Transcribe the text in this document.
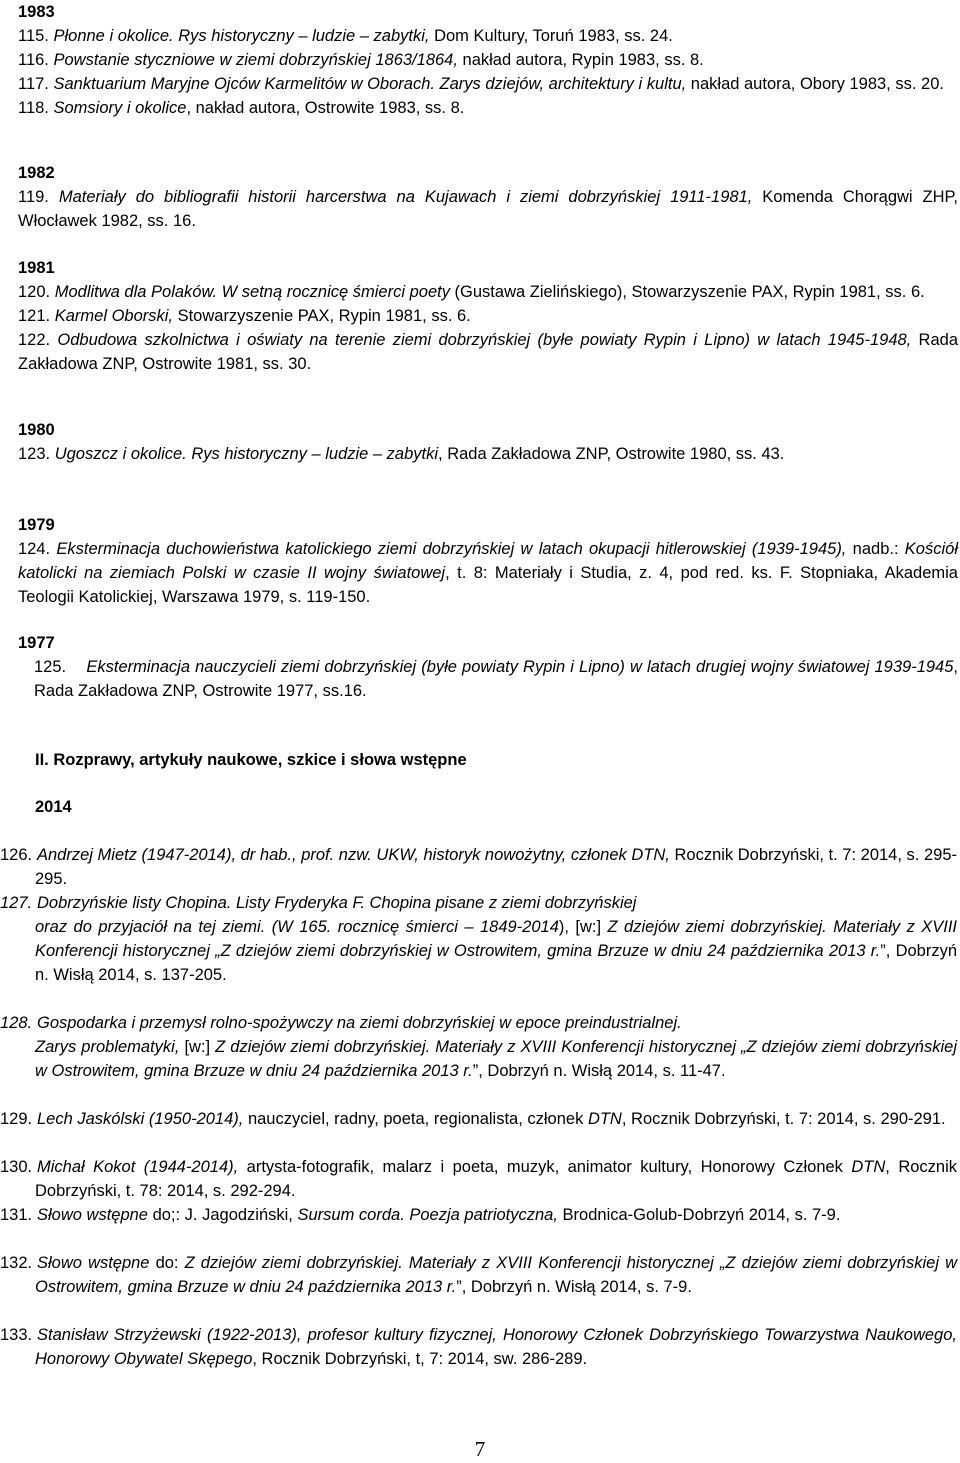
1983
115. Płonne i okolice. Rys historyczny – ludzie – zabytki, Dom Kultury, Toruń 1983, ss. 24.
116. Powstanie styczniowe w ziemi dobrzyńskiej 1863/1864, nakład autora, Rypin 1983, ss. 8.
117. Sanktuarium Maryjne Ojców Karmelitów w Oborach. Zarys dziejów, architektury i kultu, nakład autora, Obory 1983, ss. 20.
118. Somsiory i okolice, nakład autora, Ostrowite 1983, ss. 8.
1982
119. Materiały do bibliografii historii harcerstwa na Kujawach i ziemi dobrzyńskiej 1911-1981, Komenda Chorągwi ZHP, Włocławek 1982, ss. 16.
1981
120. Modlitwa dla Polaków. W setną rocznicę śmierci poety (Gustawa Zielińskiego), Stowarzyszenie PAX, Rypin 1981, ss. 6.
121. Karmel Oborski, Stowarzyszenie PAX, Rypin 1981, ss. 6.
122. Odbudowa szkolnictwa i oświaty na terenie ziemi dobrzyńskiej (byłe powiaty Rypin i Lipno) w latach 1945-1948, Rada Zakładowa ZNP, Ostrowite 1981, ss. 30.
1980
123. Ugoszcz i okolice. Rys historyczny – ludzie – zabytki, Rada Zakładowa ZNP, Ostrowite 1980, ss. 43.
1979
124. Eksterminacja duchowieństwa katolickiego ziemi dobrzyńskiej w latach okupacji hitlerowskiej (1939-1945), nadb.: Kościół katolicki na ziemiach Polski w czasie II wojny światowej, t. 8: Materiały i Studia, z. 4, pod red. ks. F. Stopniaka, Akademia Teologii Katolickiej, Warszawa 1979, s. 119-150.
1977
125. Eksterminacja nauczycieli ziemi dobrzyńskiej (byłe powiaty Rypin i Lipno) w latach drugiej wojny światowej 1939-1945, Rada Zakładowa ZNP, Ostrowite 1977, ss.16.
II. Rozprawy, artykuły naukowe, szkice i słowa wstępne
2014
126. Andrzej Mietz (1947-2014), dr hab., prof. nzw. UKW, historyk nowożytny, członek DTN, Rocznik Dobrzyński, t. 7: 2014, s. 295-295.
127. Dobrzyńskie listy Chopina. Listy Fryderyka F. Chopina pisane z ziemi dobrzyńskiej
oraz do przyjaciół na tej ziemi. (W 165. rocznicę śmierci – 1849-2014), [w:] Z dziejów ziemi dobrzyńskiej. Materiały z XVIII Konferencji historycznej „Z dziejów ziemi dobrzyńskiej w Ostrowitem, gmina Brzuze w dniu 24 października 2013 r.”, Dobrzyń n. Wisłą 2014, s. 137-205.
128. Gospodarka i przemysł rolno-spożywczy na ziemi dobrzyńskiej w epoce preindustrialnej.
Zarys problematyki, [w:] Z dziejów ziemi dobrzyńskiej. Materiały z XVIII Konferencji historycznej „Z dziejów ziemi dobrzyńskiej w Ostrowitem, gmina Brzuze w dniu 24 października 2013 r.”, Dobrzyń n. Wisłą 2014, s. 11-47.
129. Lech Jaskólski (1950-2014), nauczyciel, radny, poeta, regionalista, członek DTN, Rocznik Dobrzyński, t. 7: 2014, s. 290-291.
130. Michał Kokot (1944-2014), artysta-fotografik, malarz i poeta, muzyk, animator kultury, Honorowy Członek DTN, Rocznik Dobrzyński, t. 78: 2014, s. 292-294.
131. Słowo wstępne do;: J. Jagodziński, Sursum corda. Poezja patriotyczna, Brodnica-Golub-Dobrzyń 2014, s. 7-9.
132. Słowo wstępne do: Z dziejów ziemi dobrzyńskiej. Materiały z XVIII Konferencji historycznej „Z dziejów ziemi dobrzyńskiej w Ostrowitem, gmina Brzuze w dniu 24 października 2013 r.”, Dobrzyń n. Wisłą 2014, s. 7-9.
133. Stanisław Strzyżewski (1922-2013), profesor kultury fizycznej, Honorowy Członek Dobrzyńskiego Towarzystwa Naukowego, Honorowy Obywatel Skępego, Rocznik Dobrzyński, t, 7: 2014, sw. 286-289.
7
